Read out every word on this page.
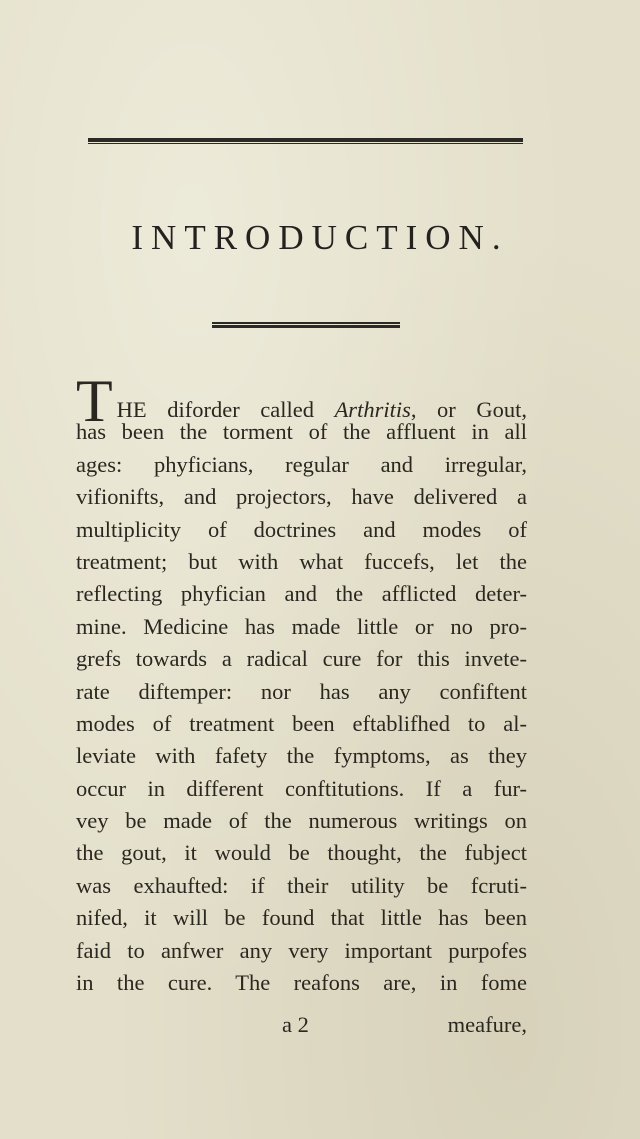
INTRODUCTION.
THE diforder called Arthritis, or Gout,
has been the torment of the affluent in all
ages: phyficians, regular and irregular,
vifionifts, and projectors, have delivered a
multiplicity of doctrines and modes of
treatment; but with what fuccefs, let the
reflecting phyfician and the afflicted deter-
mine. Medicine has made little or no pro-
grefs towards a radical cure for this invete-
rate diftemper: nor has any confiftent
modes of treatment been eftablifhed to al-
leviate with fafety the fymptoms, as they
occur in different conftitutions. If a fur-
vey be made of the numerous writings on
the gout, it would be thought, the fubject
was exhaufted: if their utility be fcruti-
nifed, it will be found that little has been
faid to anfwer any very important purpofes
in the cure. The reafons are, in fome
a 2	meafure,
